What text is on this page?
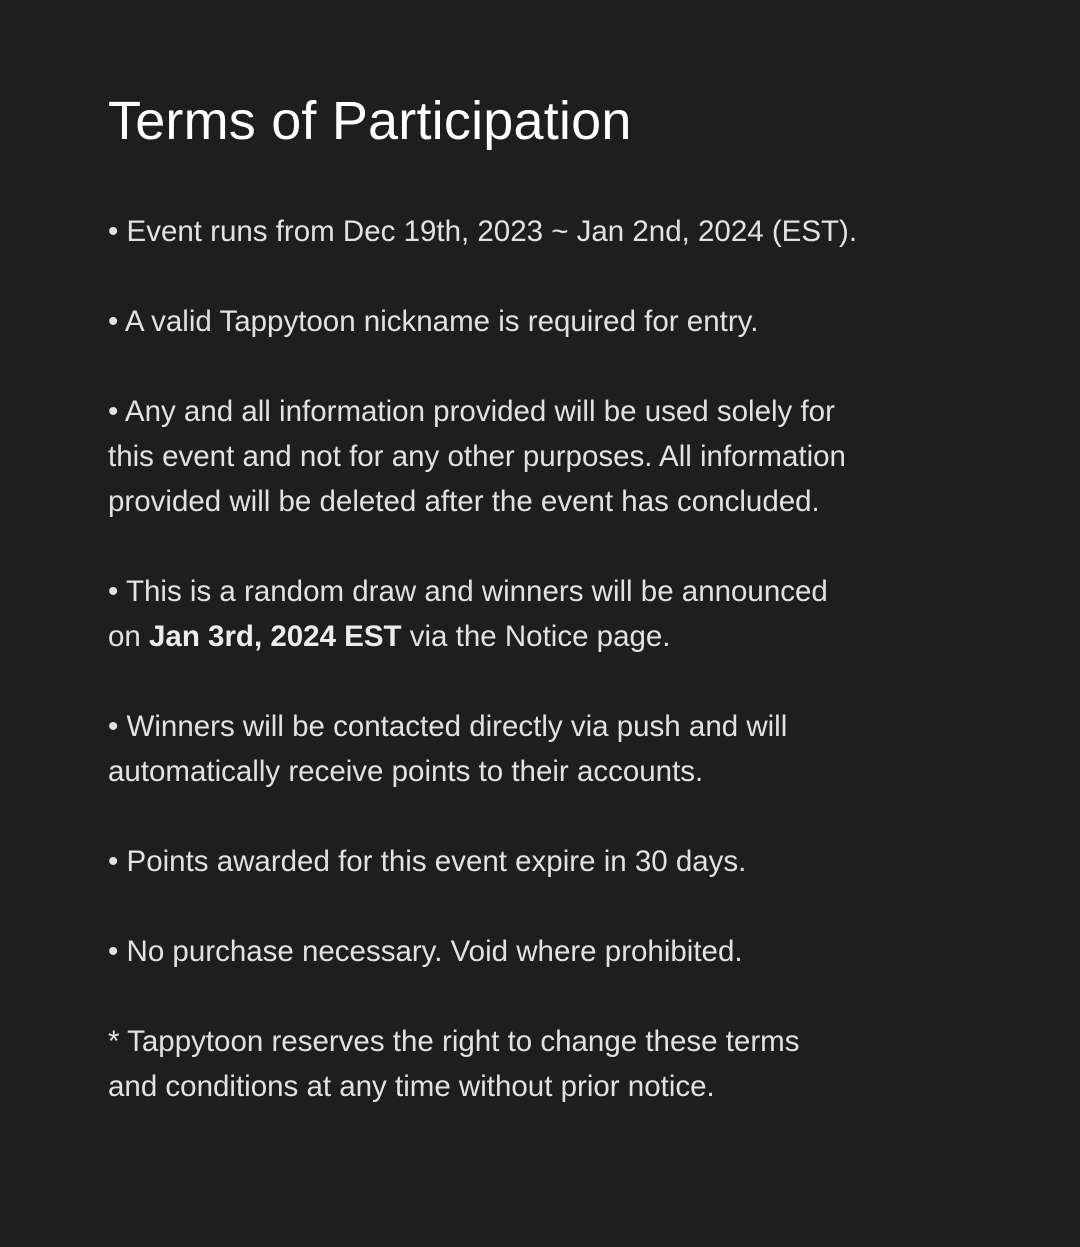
Terms of Participation

• Event runs from Dec 19th, 2023 ~ Jan 2nd, 2024 (EST).

• A valid Tappytoon nickname is required for entry.

• Any and all information provided will be used solely for
this event and not for any other purposes. All information
provided will be deleted after the event has concluded.

• This is a random draw and winners will be announced
on Jan 3rd, 2024 EST via the Notice page.

• Winners will be contacted directly via push and will
automatically receive points to their accounts.

• Points awarded for this event expire in 30 days.

• No purchase necessary. Void where prohibited.

* Tappytoon reserves the right to change these terms
and conditions at any time without prior notice.
